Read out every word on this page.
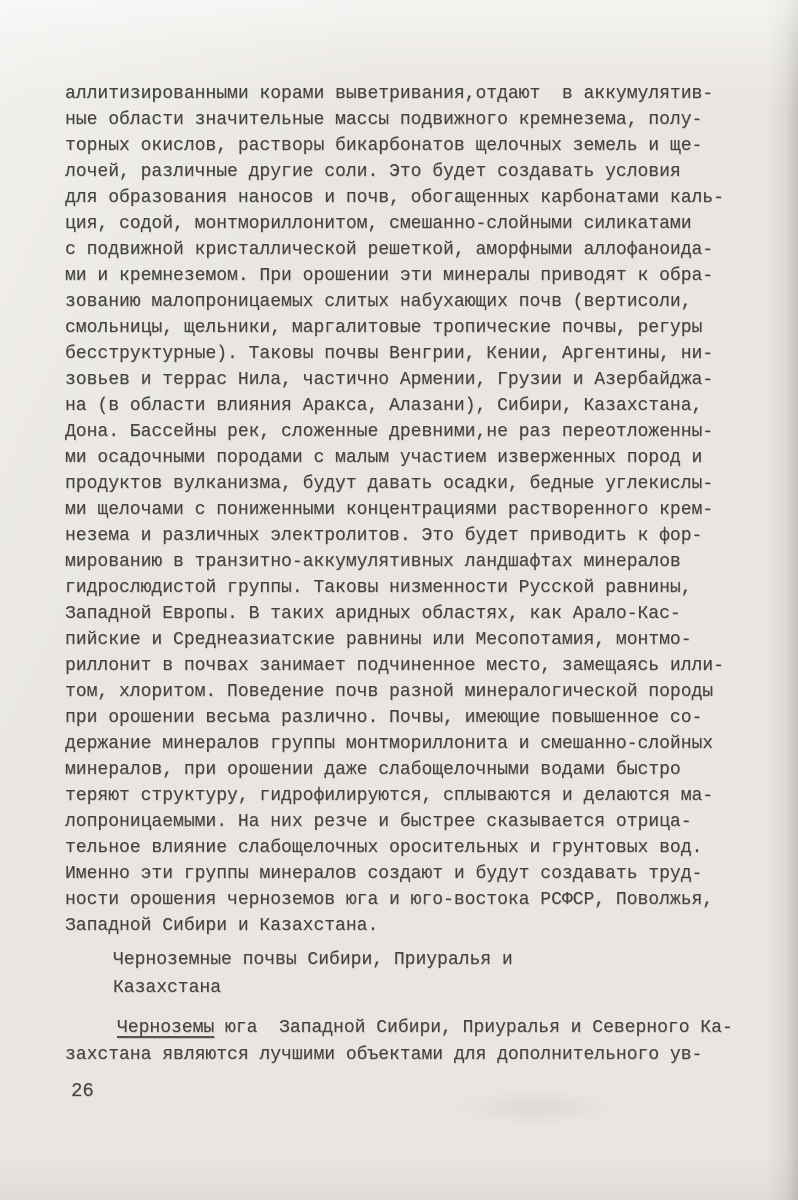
аллитизированными корами выветривания,отдают  в аккумулятив-
ные области значительные массы подвижного кремнезема, полу-
торных окислов, растворы бикарбонатов щелочных земель и ще-
лочей, различные другие соли. Это будет создавать условия
для образования наносов и почв, обогащенных карбонатами каль-
ция, содой, монтмориллонитом, смешанно-слойными силикатами
с подвижной кристаллической решеткой, аморфными аллофаноида-
ми и кремнеземом. При орошении эти минералы приводят к обра-
зованию малопроницаемых слитых набухающих почв (вертисоли,
смольницы, щельники, маргалитовые тропические почвы, регуры
бесструктурные). Таковы почвы Венгрии, Кении, Аргентины, ни-
зовьев и террас Нила, частично Армении, Грузии и Азербайджа-
на (в области влияния Аракса, Алазани), Сибири, Казахстана,
Дона. Бассейны рек, сложенные древними,не раз переотложенны-
ми осадочными породами с малым участием изверженных пород и
продуктов вулканизма, будут давать осадки, бедные углекислы-
ми щелочами с пониженными концентрациями растворенного крем-
незема и различных электролитов. Это будет приводить к фор-
мированию в транзитно-аккумулятивных ландшафтах минералов
гидрослюдистой группы. Таковы низменности Русской равнины,
Западной Европы. В таких аридных областях, как Арало-Кас-
пийские и Среднеазиатские равнины или Месопотамия, монтмо-
риллонит в почвах занимает подчиненное место, замещаясь илли-
том, хлоритом. Поведение почв разной минералогической породы
при орошении весьма различно. Почвы, имеющие повышенное со-
держание минералов группы монтмориллонита и смешанно-слойных
минералов, при орошении даже слабощелочными водами быстро
теряют структуру, гидрофилируются, сплываются и делаются ма-
лопроницаемыми. На них резче и быстрее сказывается отрица-
тельное влияние слабощелочных оросительных и грунтовых вод.
Именно эти группы минералов создают и будут создавать труд-
ности орошения черноземов юга и юго-востока РСФСР, Поволжья,
Западной Сибири и Казахстана.
Черноземные почвы Сибири, Приуралья и
Казахстана
Черноземы юга  Западной Сибири, Приуралья и Северного Ка-
захстана являются лучшими объектами для дополнительного ув-
26
